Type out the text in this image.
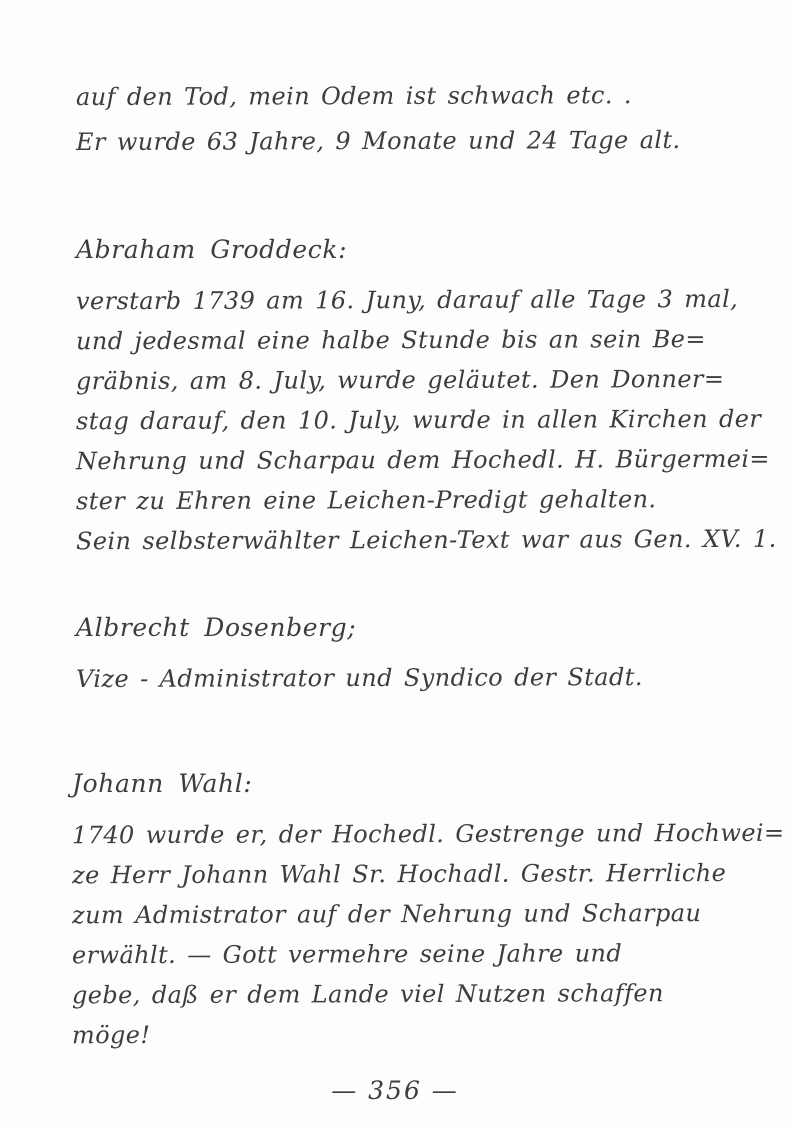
auf den Tod, mein Odem ist schwach etc. .
Er wurde 63 Jahre, 9 Monate und 24 Tage alt.
Abraham Groddeck:
verstarb 1739 am 16. Juny, darauf alle Tage 3 mal,
und jedesmal eine halbe Stunde bis an sein Be=
gräbnis, am 8. July, wurde geläutet. Den Donner=
stag darauf, den 10. July, wurde in allen Kirchen der
Nehrung und Scharpau dem Hochedl. H. Bürgermei=
ster zu Ehren eine Leichen-Predigt gehalten.
Sein selbsterwählter Leichen-Text war aus Gen. XV. 1.
Albrecht Dosenberg;
Vize - Administrator und Syndico der Stadt.
Johann Wahl:
1740 wurde er, der Hochedl. Gestrenge und Hochwei=
ze Herr Johann Wahl Sr. Hochadl. Gestr. Herrliche
zum Admistrator auf der Nehrung und Scharpau
erwählt. — Gott vermehre seine Jahre und
gebe, daß er dem Lande viel Nutzen schaffen
möge!
— 356 —
